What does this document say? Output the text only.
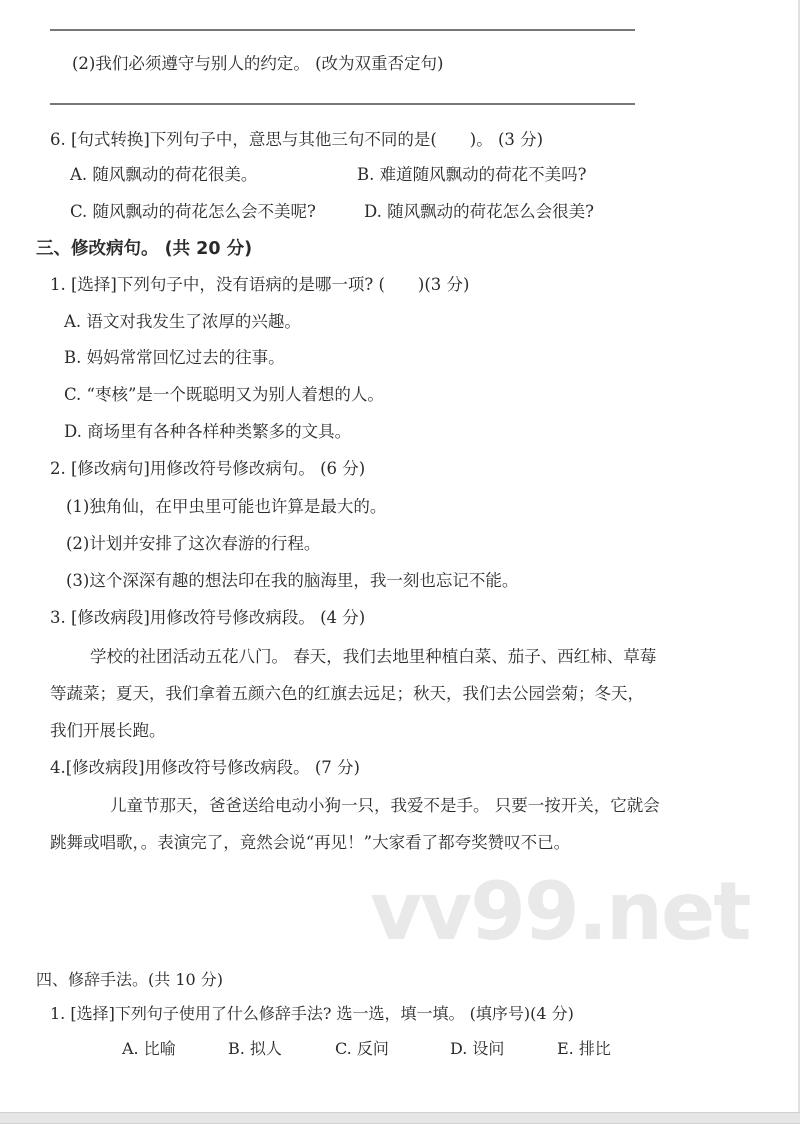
vv99.net
(2)我们必须遵守与别人的约定。 (改为双重否定句)
6. [句式转换]下列句子中，意思与其他三句不同的是(　　)。 (3 分)
A. 随风飘动的荷花很美。	B. 难道随风飘动的荷花不美吗?
C. 随风飘动的荷花怎么会不美呢?	D. 随风飘动的荷花怎么会很美?
三、修改病句。 (共 20 分)
1. [选择]下列句子中，没有语病的是哪一项? (　　)(3 分)
A. 语文对我发生了浓厚的兴趣。
B. 妈妈常常回忆过去的往事。
C. “枣核”是一个既聪明又为别人着想的人。
D. 商场里有各种各样种类繁多的文具。
2. [修改病句]用修改符号修改病句。 (6 分)
(1)独角仙，在甲虫里可能也许算是最大的。
(2)计划并安排了这次春游的行程。
(3)这个深深有趣的想法印在我的脑海里，我一刻也忘记不能。
3. [修改病段]用修改符号修改病段。 (4 分)
学校的社团活动五花八门。 春天，我们去地里种植白菜、茄子、西红柿、草莓
等蔬菜；夏天，我们拿着五颜六色的红旗去远足；秋天，我们去公园尝菊；冬天，
我们开展长跑。
4.[修改病段]用修改符号修改病段。 (7 分)
儿童节那天，爸爸送给电动小狗一只，我爱不是手。 只要一按开关，它就会
跳舞或唱歌，。表演完了，竟然会说“再见！”大家看了都夸奖赞叹不已。
四、修辞手法。(共 10 分)
1. [选择]下列句子使用了什么修辞手法? 选一选，填一填。 (填序号)(4 分)
A. 比喻	B. 拟人	C. 反问	D. 设问	E. 排比
